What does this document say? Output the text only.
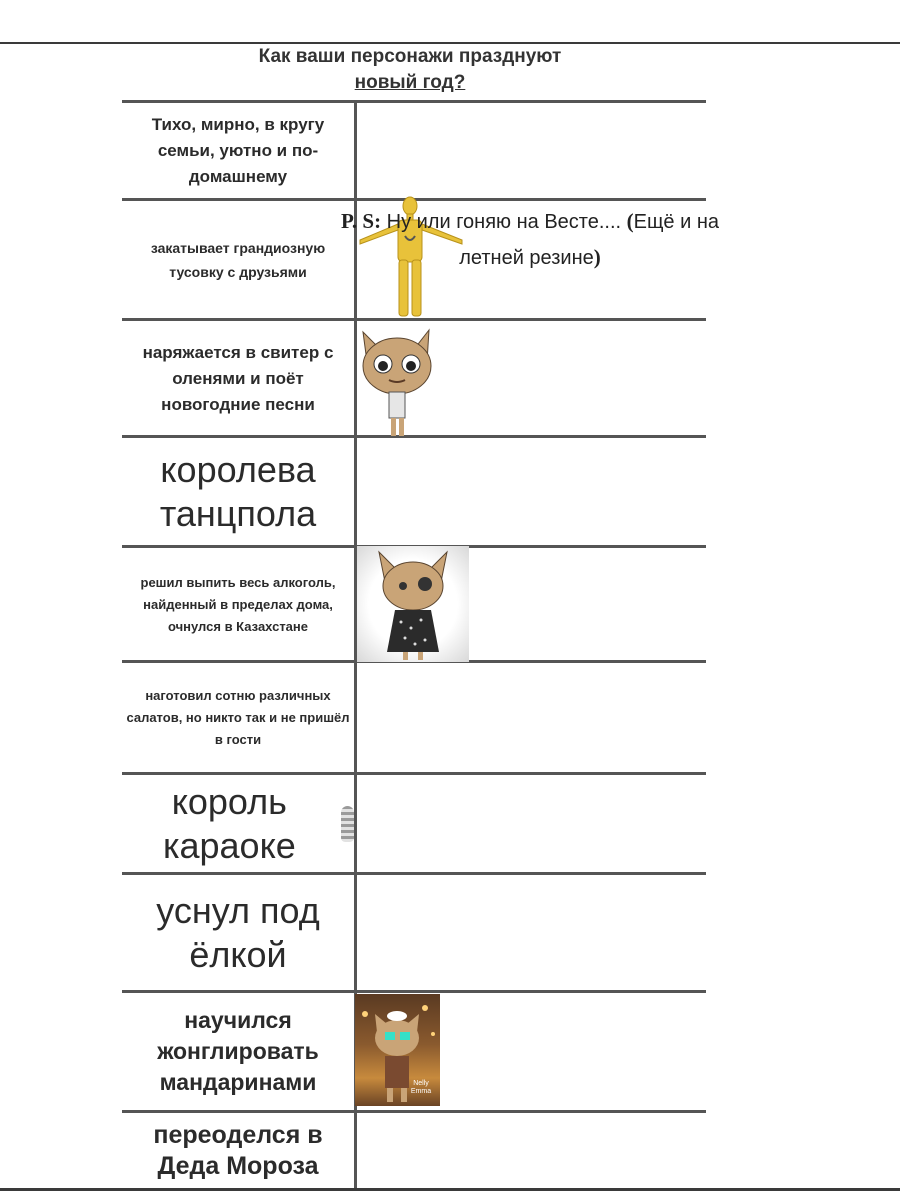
Как ваши персонажи празднуют
новый год?
Тихо, мирно, в кругу семьи, уютно и по-домашнему
закатывает грандиозную тусовку с друзьями
наряжается в свитер с оленями и поёт новогодние песни
королева танцпола
решил выпить весь алкоголь, найденный в пределах дома, очнулся в Казахстане
наготовил сотню различных салатов, но никто так и не пришёл в гости
король караоке
уснул под ёлкой
научился жонглировать мандаринами
переоделся в Деда Мороза
P. S: Ну или гоняю на Весте.... (Ещё и на летней резине)
Nelly Emma
